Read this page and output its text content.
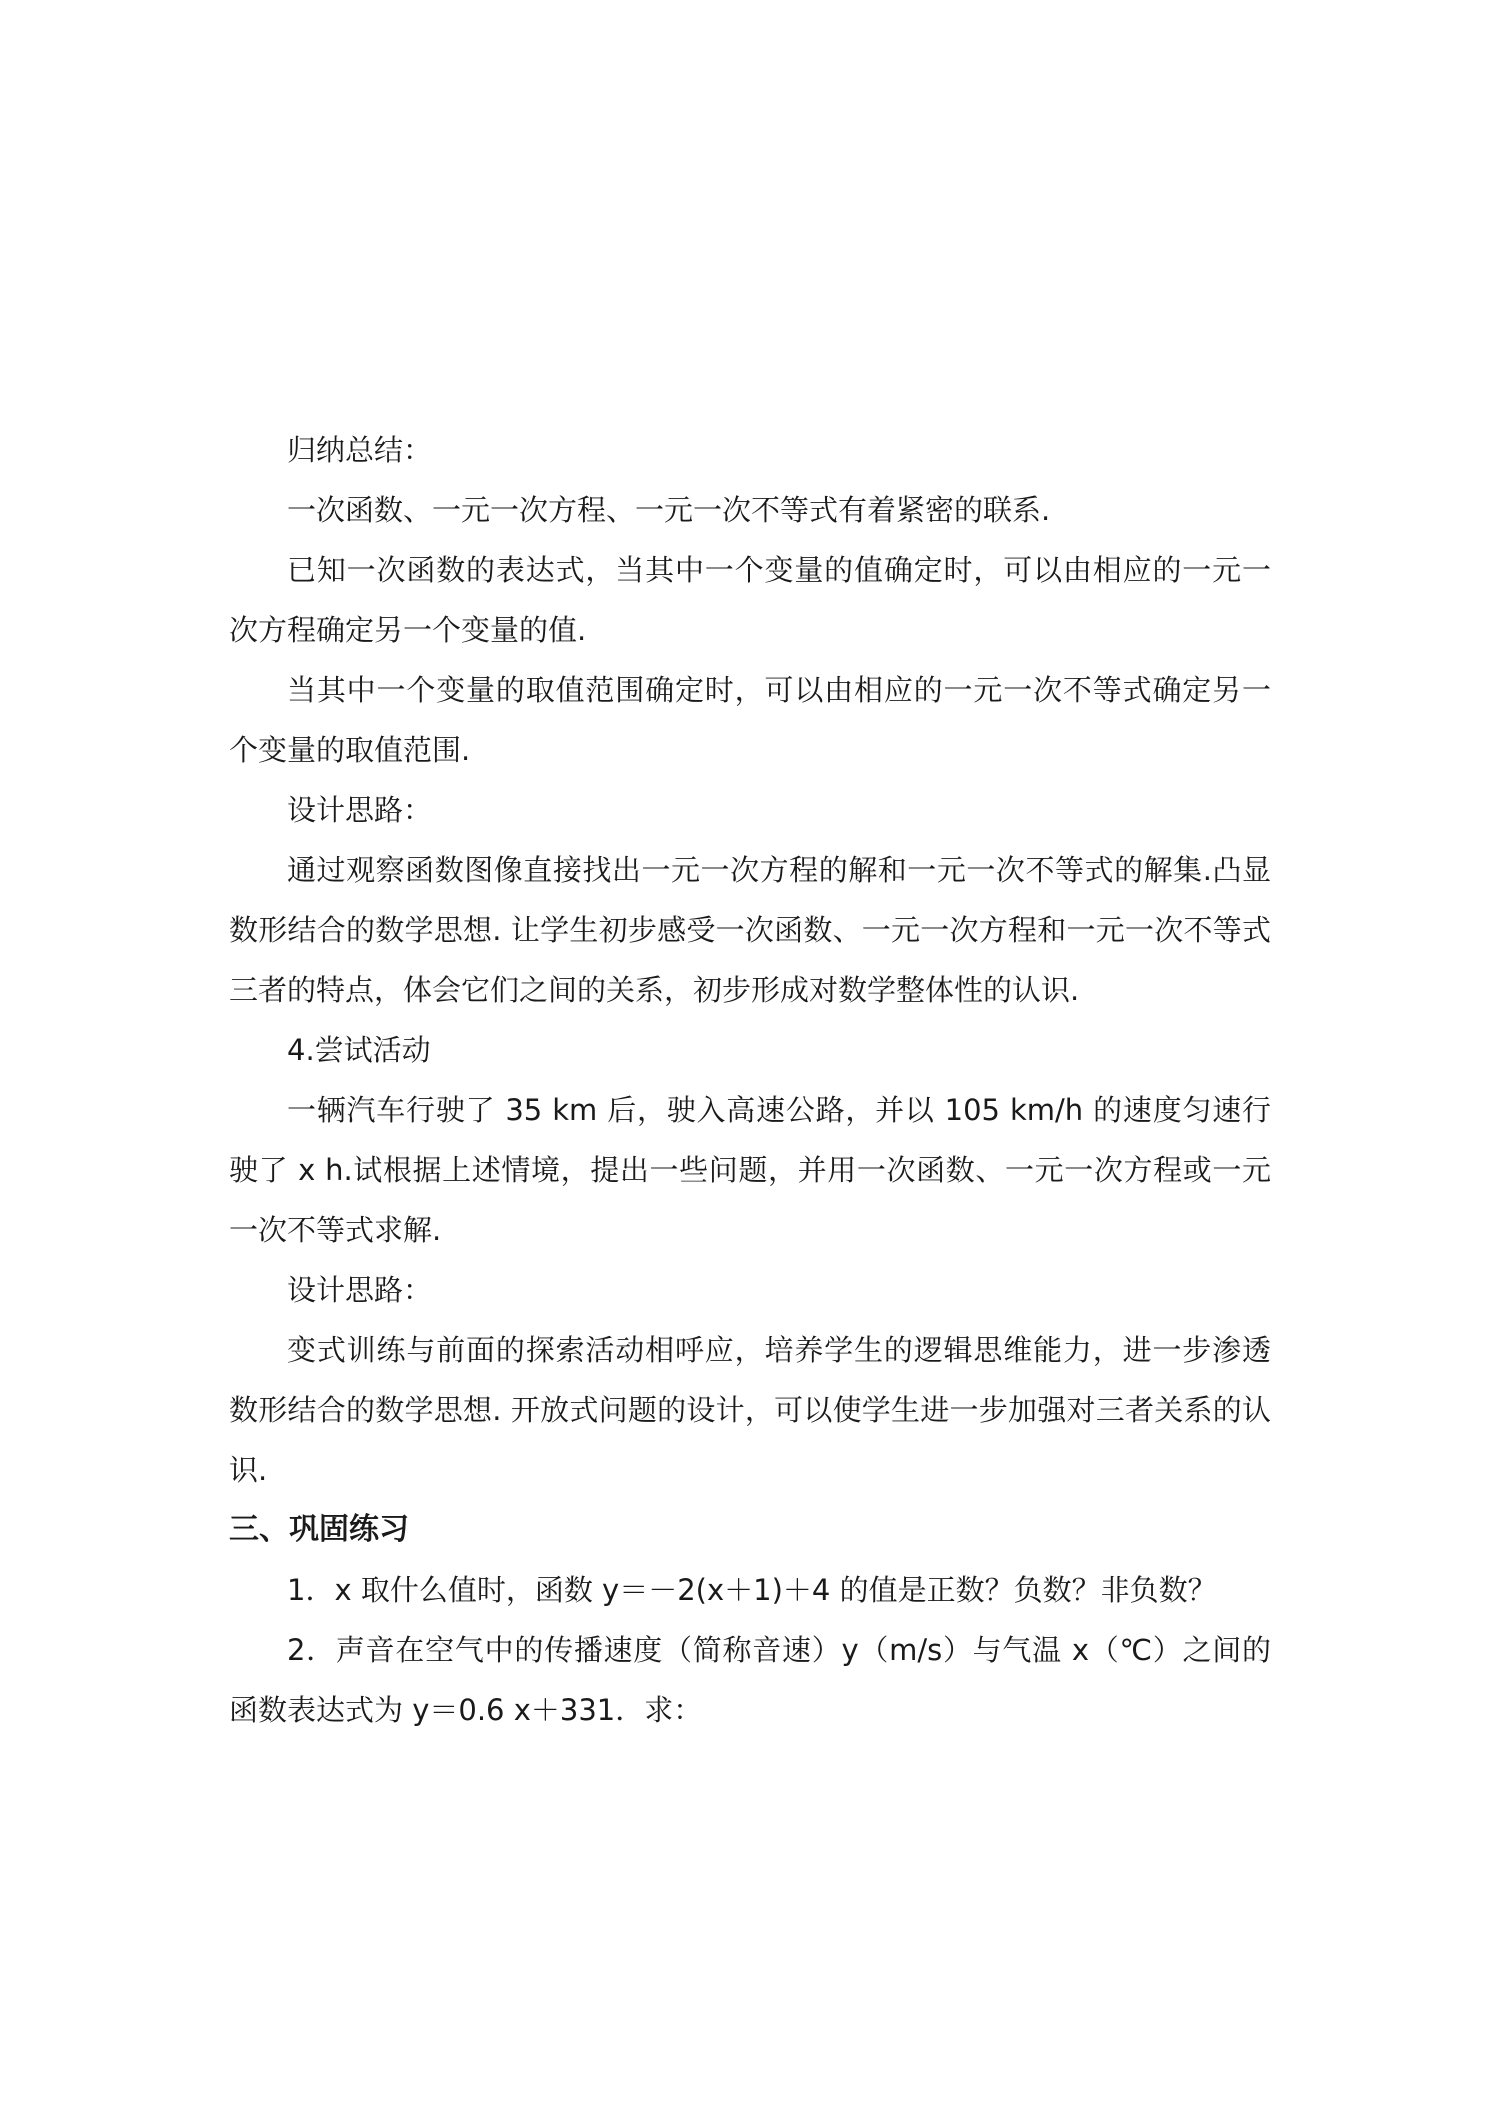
归纳总结：

一次函数、一元一次方程、一元一次不等式有着紧密的联系.

已知一次函数的表达式，当其中一个变量的值确定时，可以由相应的一元一次方程确定另一个变量的值.

当其中一个变量的取值范围确定时，可以由相应的一元一次不等式确定另一个变量的取值范围.

设计思路：

通过观察函数图像直接找出一元一次方程的解和一元一次不等式的解集.凸显数形结合的数学思想. 让学生初步感受一次函数、一元一次方程和一元一次不等式三者的特点，体会它们之间的关系，初步形成对数学整体性的认识.

4.尝试活动

一辆汽车行驶了 35 km 后，驶入高速公路，并以 105 km/h 的速度匀速行驶了 x h.试根据上述情境，提出一些问题，并用一次函数、一元一次方程或一元一次不等式求解.

设计思路：

变式训练与前面的探索活动相呼应，培养学生的逻辑思维能力，进一步渗透数形结合的数学思想. 开放式问题的设计，可以使学生进一步加强对三者关系的认识.

三、巩固练习

1．x 取什么值时，函数 y＝－2(x＋1)＋4 的值是正数？负数？非负数？

2．声音在空气中的传播速度（简称音速）y（m/s）与气温 x（℃）之间的函数表达式为 y＝0.6 x＋331．求：
